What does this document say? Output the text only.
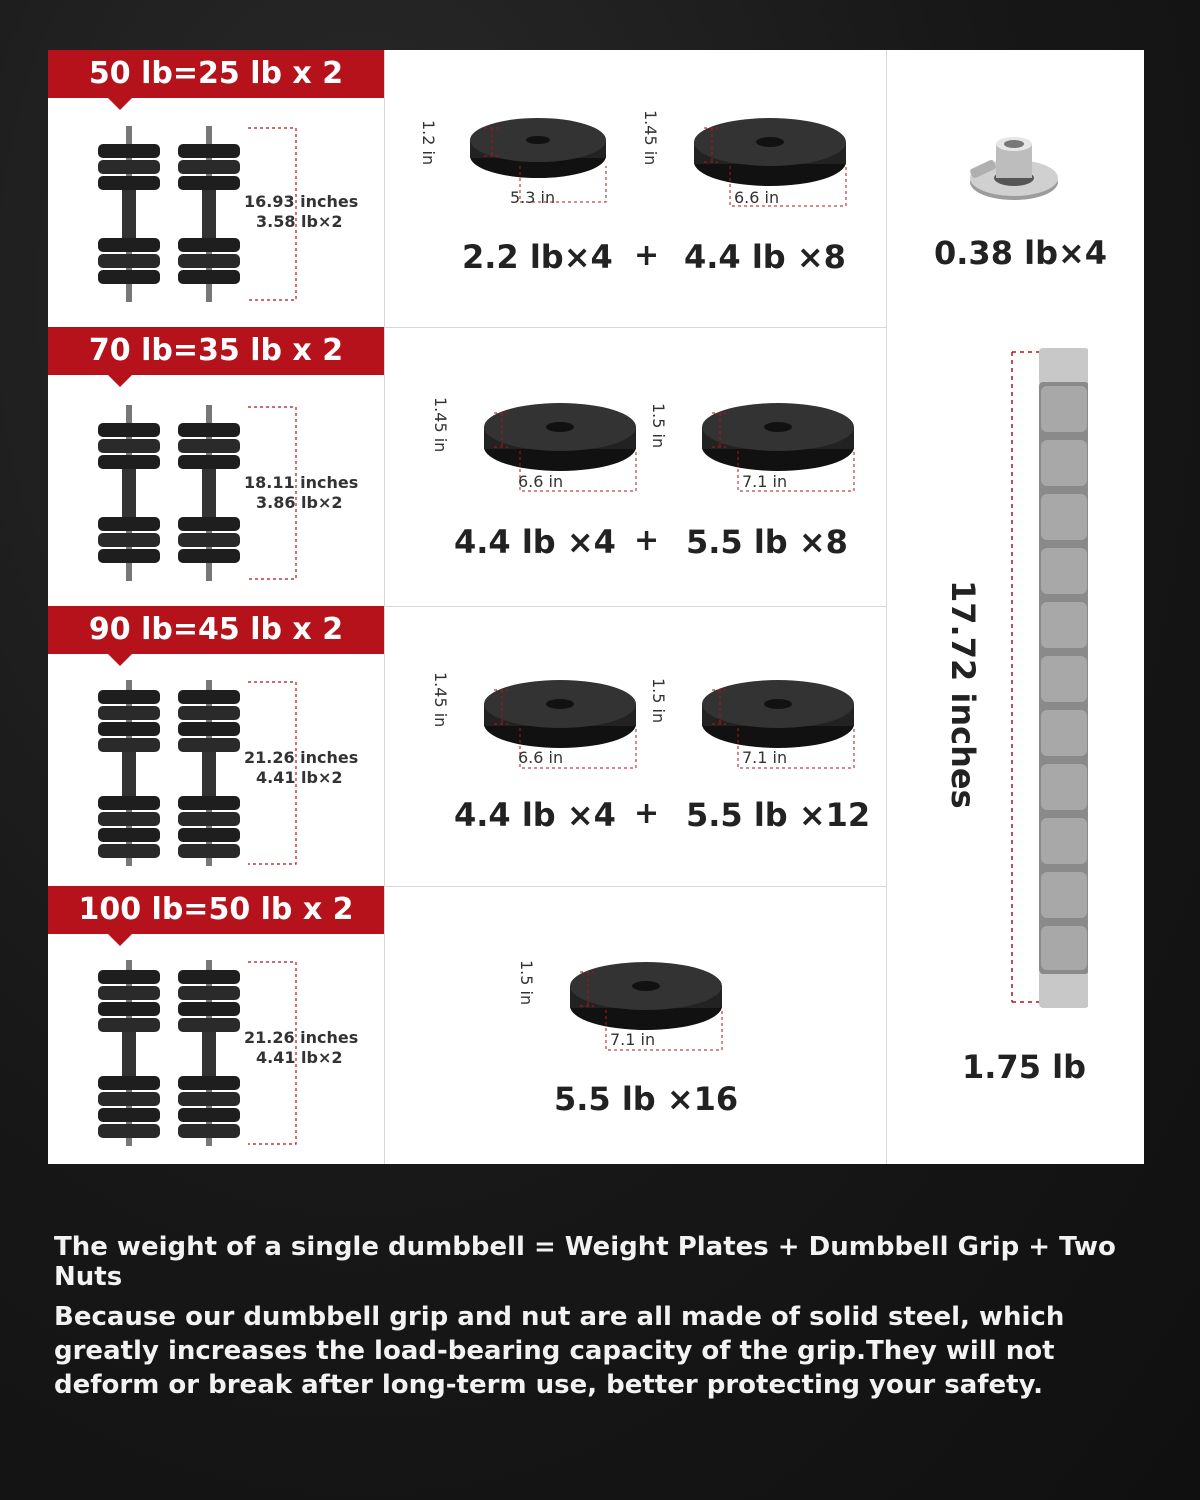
50 lb=25 lb x 2
16.93 inches
3.58 lb×2
1.2 in
5.3 in
1.45 in
6.6 in
2.2 lb×4 + 4.4 lb ×8
70 lb=35 lb x 2
18.11 inches
3.86 lb×2
1.45 in
6.6 in
1.5 in
7.1 in
4.4 lb ×4 + 5.5 lb ×8
90 lb=45 lb x 2
21.26 inches
4.41 lb×2
1.45 in
6.6 in
1.5 in
7.1 in
4.4 lb ×4 + 5.5 lb ×12
100 lb=50 lb x 2
21.26 inches
4.41 lb×2
1.5 in
7.1 in
5.5 lb ×16
0.38 lb×4
17.72 inches
1.75 lb
The weight of a single dumbbell = Weight Plates + Dumbbell Grip + Two Nuts
Because our dumbbell grip and nut are all made of solid steel, which greatly increases the load-bearing capacity of the grip.They will not deform or break after long-term use, better protecting your safety.
